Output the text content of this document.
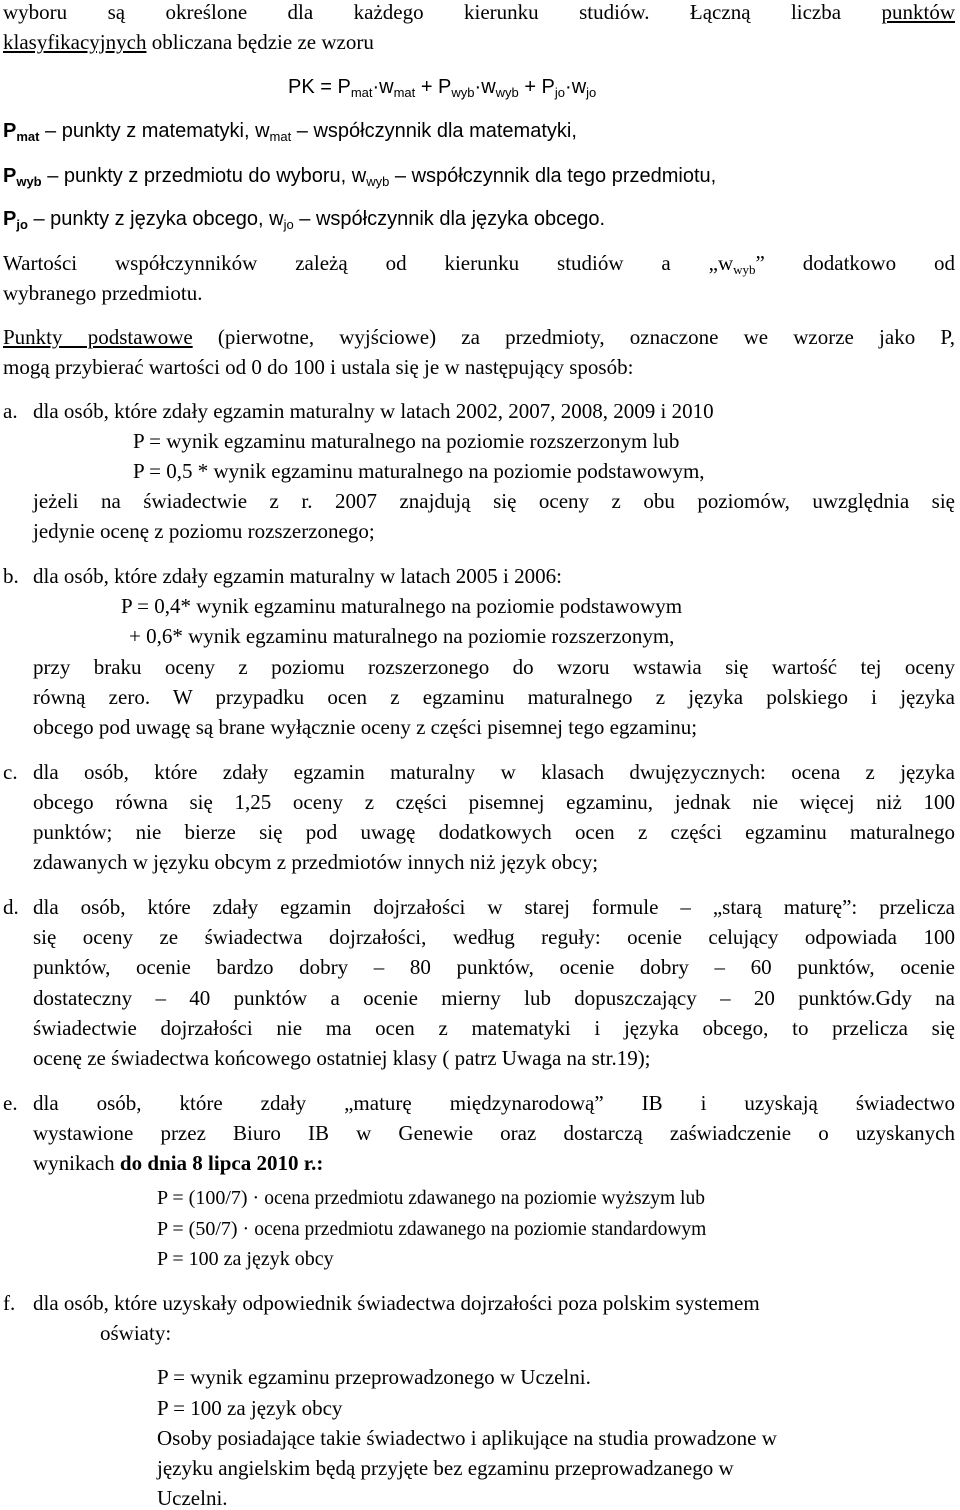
wyboru są określone dla każdego kierunku studiów. Łączną liczba punktów
klasyfikacyjnych obliczana będzie ze wzoru
PK = $P_{mat}\cdot w_{mat} + P_{wyb}\cdot w_{wyb} + P_{jo}\cdot w_{jo}$
$P_{mat}$ – punkty z matematyki, $w_{mat}$ – współczynnik dla matematyki,
$P_{wyb}$ – punkty z przedmiotu do wyboru, $w_{wyb}$ – współczynnik dla tego przedmiotu,
$P_{jo}$ – punkty z języka obcego, $w_{jo}$ – współczynnik dla języka obcego.
Wartości współczynników zależą od kierunku studiów a $„w_{wyb}$” dodatkowo od
wybranego przedmiotu.
Punkty podstawowe (pierwotne, wyjściowe) za przedmioty, oznaczone we wzorze jako P,
mogą przybierać wartości od 0 do 100 i ustala się je w następujący sposób:
a. dla osób, które zdały egzamin maturalny w latach 2002, 2007, 2008, 2009 i 2010
P = wynik egzaminu maturalnego na poziomie rozszerzonym lub
P = 0,5 * wynik egzaminu maturalnego na poziomie podstawowym,
jeżeli na świadectwie z r. 2007 znajdują się oceny z obu poziomów, uwzględnia się
jedynie ocenę z poziomu rozszerzonego;
b. dla osób, które zdały egzamin maturalny w latach 2005 i 2006:
P = 0,4* wynik egzaminu maturalnego na poziomie podstawowym
+ 0,6* wynik egzaminu maturalnego na poziomie rozszerzonym,
przy braku oceny z poziomu rozszerzonego do wzoru wstawia się wartość tej oceny
równą zero. W przypadku ocen z egzaminu maturalnego z języka polskiego i języka
obcego pod uwagę są brane wyłącznie oceny z części pisemnej tego egzaminu;
c. dla osób, które zdały egzamin maturalny w klasach dwujęzycznych: ocena z języka
obcego równa się 1,25 oceny z części pisemnej egzaminu, jednak nie więcej niż 100
punktów; nie bierze się pod uwagę dodatkowych ocen z części egzaminu maturalnego
zdawanych w języku obcym z przedmiotów innych niż język obcy;
d. dla osób, które zdały egzamin dojrzałości w starej formule – „starą maturę”: przelicza
się oceny ze świadectwa dojrzałości, według reguły: ocenie celujący odpowiada 100
punktów, ocenie bardzo dobry – 80 punktów, ocenie dobry – 60 punktów, ocenie
dostateczny – 40 punktów a ocenie mierny lub dopuszczający – 20 punktów.Gdy na
świadectwie dojrzałości nie ma ocen z matematyki i języka obcego, to przelicza się
ocenę ze świadectwa końcowego ostatniej klasy ( patrz Uwaga na str.19);
e. dla osób, które zdały „maturę międzynarodową” IB i uzyskają świadectwo
wystawione przez Biuro IB w Genewie oraz dostarczą zaświadczenie o uzyskanych
wynikach do dnia 8 lipca 2010 r.:
P = (100/7) · ocena przedmiotu zdawanego na poziomie wyższym lub
P = (50/7) · ocena przedmiotu zdawanego na poziomie standardowym
P = 100 za język obcy
f. dla osób, które uzyskały odpowiednik świadectwa dojrzałości poza polskim systemem
oświaty:
P = wynik egzaminu przeprowadzonego w Uczelni.
P = 100 za język obcy
Osoby posiadające takie świadectwo i aplikujące na studia prowadzone w
języku angielskim będą przyjęte bez egzaminu przeprowadzanego w
Uczelni.
